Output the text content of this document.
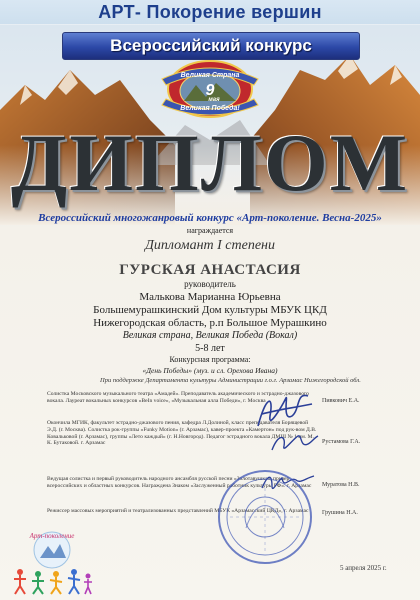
АРТ- Покорение вершин
Всероссийский конкурс
Великая Страна
9
мая
Великая Победа!
ДИПЛОМ
Всероссийский многожанровый конкурс «Арт-поколение. Весна-2025»
награждается
Дипломант I степени
ГУРСКАЯ АНАСТАСИЯ
руководитель
Малькова Марианна Юрьевна
Большемурашкинский Дом культуры МБУК ЦКД
Нижегородская область, р.п Большое Мурашкино
Великая страна, Великая Победа (Вокал)
5-8 лет
Конкурсная программа:
«День Победы» (муз. и сл. Орехова Ивана)
При поддержке Департамента культуры Администрации г.о.г. Арзамас Нижегородской обл.
Солистка Московского музыкального театра «Амадей». Преподаватель академического и эстрадно-джазового вокала. Лауреат вокальных конкурсов «BeIn voice», «Музыкальная алла Победи», г. Москва
Окончила МГИК, факультет эстрадно-джазового пения, кафедра Л.Долиной, класс преподавателя Борящевой Э.Д. (г. Москва). Солистка рок-группы «Funky Motion» (г. Арзамас), кавер-проекта «Камертон» под рук-вом Д.В. Ковальковой (г. Арзамас), группы «Лето каждый» (г. Н.Новгород). Педагог эстрадного вокала ДМШ № 1 им. М. К. Бутаковой. г. Арзамас
Ведущая солистка и первый руководитель народного ансамбля русской песни «Золотавушка», призер всероссийских и областных конкурсов. Награждена Знаком «Заслуженный работник культуры РФ». г. Арзамас
Режиссер массовых мероприятий и театрализованных представлений МБУК «Арзамасский ЦКД», г. Арзамас
Пивкович Е.А.
Рустамова Г.А.
Муратова Н.В.
Грушина Н.А.
Арт-поколение
5 апреля 2025 г.
